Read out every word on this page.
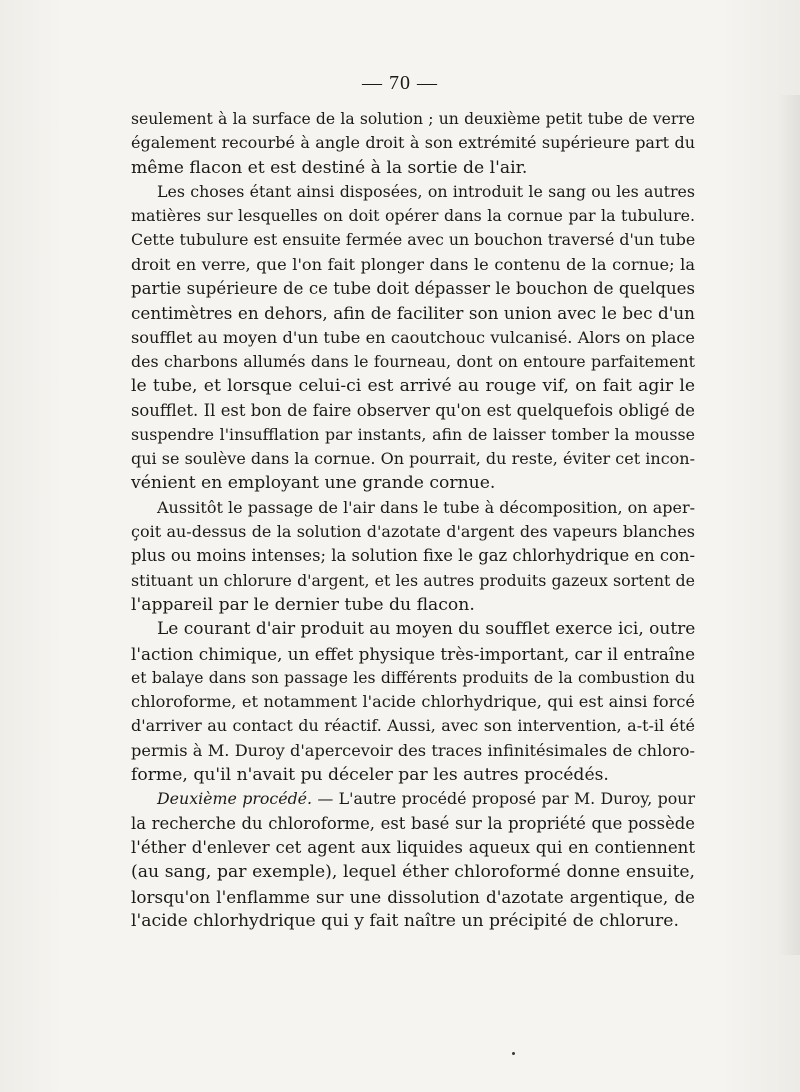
— 70 —
seulement à la surface de la solution ; un deuxième petit tube de verre
également recourbé à angle droit à son extrémité supérieure part du
même flacon et est destiné à la sortie de l'air.
Les choses étant ainsi disposées, on introduit le sang ou les autres
matières sur lesquelles on doit opérer dans la cornue par la tubulure.
Cette tubulure est ensuite fermée avec un bouchon traversé d'un tube
droit en verre, que l'on fait plonger dans le contenu de la cornue; la
partie supérieure de ce tube doit dépasser le bouchon de quelques
centimètres en dehors, afin de faciliter son union avec le bec d'un
soufflet au moyen d'un tube en caoutchouc vulcanisé. Alors on place
des charbons allumés dans le fourneau, dont on entoure parfaitement
le tube, et lorsque celui-ci est arrivé au rouge vif, on fait agir le
soufflet. Il est bon de faire observer qu'on est quelquefois obligé de
suspendre l'insufflation par instants, afin de laisser tomber la mousse
qui se soulève dans la cornue. On pourrait, du reste, éviter cet incon-
vénient en employant une grande cornue.
Aussitôt le passage de l'air dans le tube à décomposition, on aper-
çoit au-dessus de la solution d'azotate d'argent des vapeurs blanches
plus ou moins intenses; la solution fixe le gaz chlorhydrique en con-
stituant un chlorure d'argent, et les autres produits gazeux sortent de
l'appareil par le dernier tube du flacon.
Le courant d'air produit au moyen du soufflet exerce ici, outre
l'action chimique, un effet physique très-important, car il entraîne
et balaye dans son passage les différents produits de la combustion du
chloroforme, et notamment l'acide chlorhydrique, qui est ainsi forcé
d'arriver au contact du réactif. Aussi, avec son intervention, a-t-il été
permis à M. Duroy d'apercevoir des traces infinitésimales de chloro-
forme, qu'il n'avait pu déceler par les autres procédés.
Deuxième procédé. — L'autre procédé proposé par M. Duroy, pour
la recherche du chloroforme, est basé sur la propriété que possède
l'éther d'enlever cet agent aux liquides aqueux qui en contiennent
(au sang, par exemple), lequel éther chloroformé donne ensuite,
lorsqu'on l'enflamme sur une dissolution d'azotate argentique, de
l'acide chlorhydrique qui y fait naître un précipité de chlorure.
